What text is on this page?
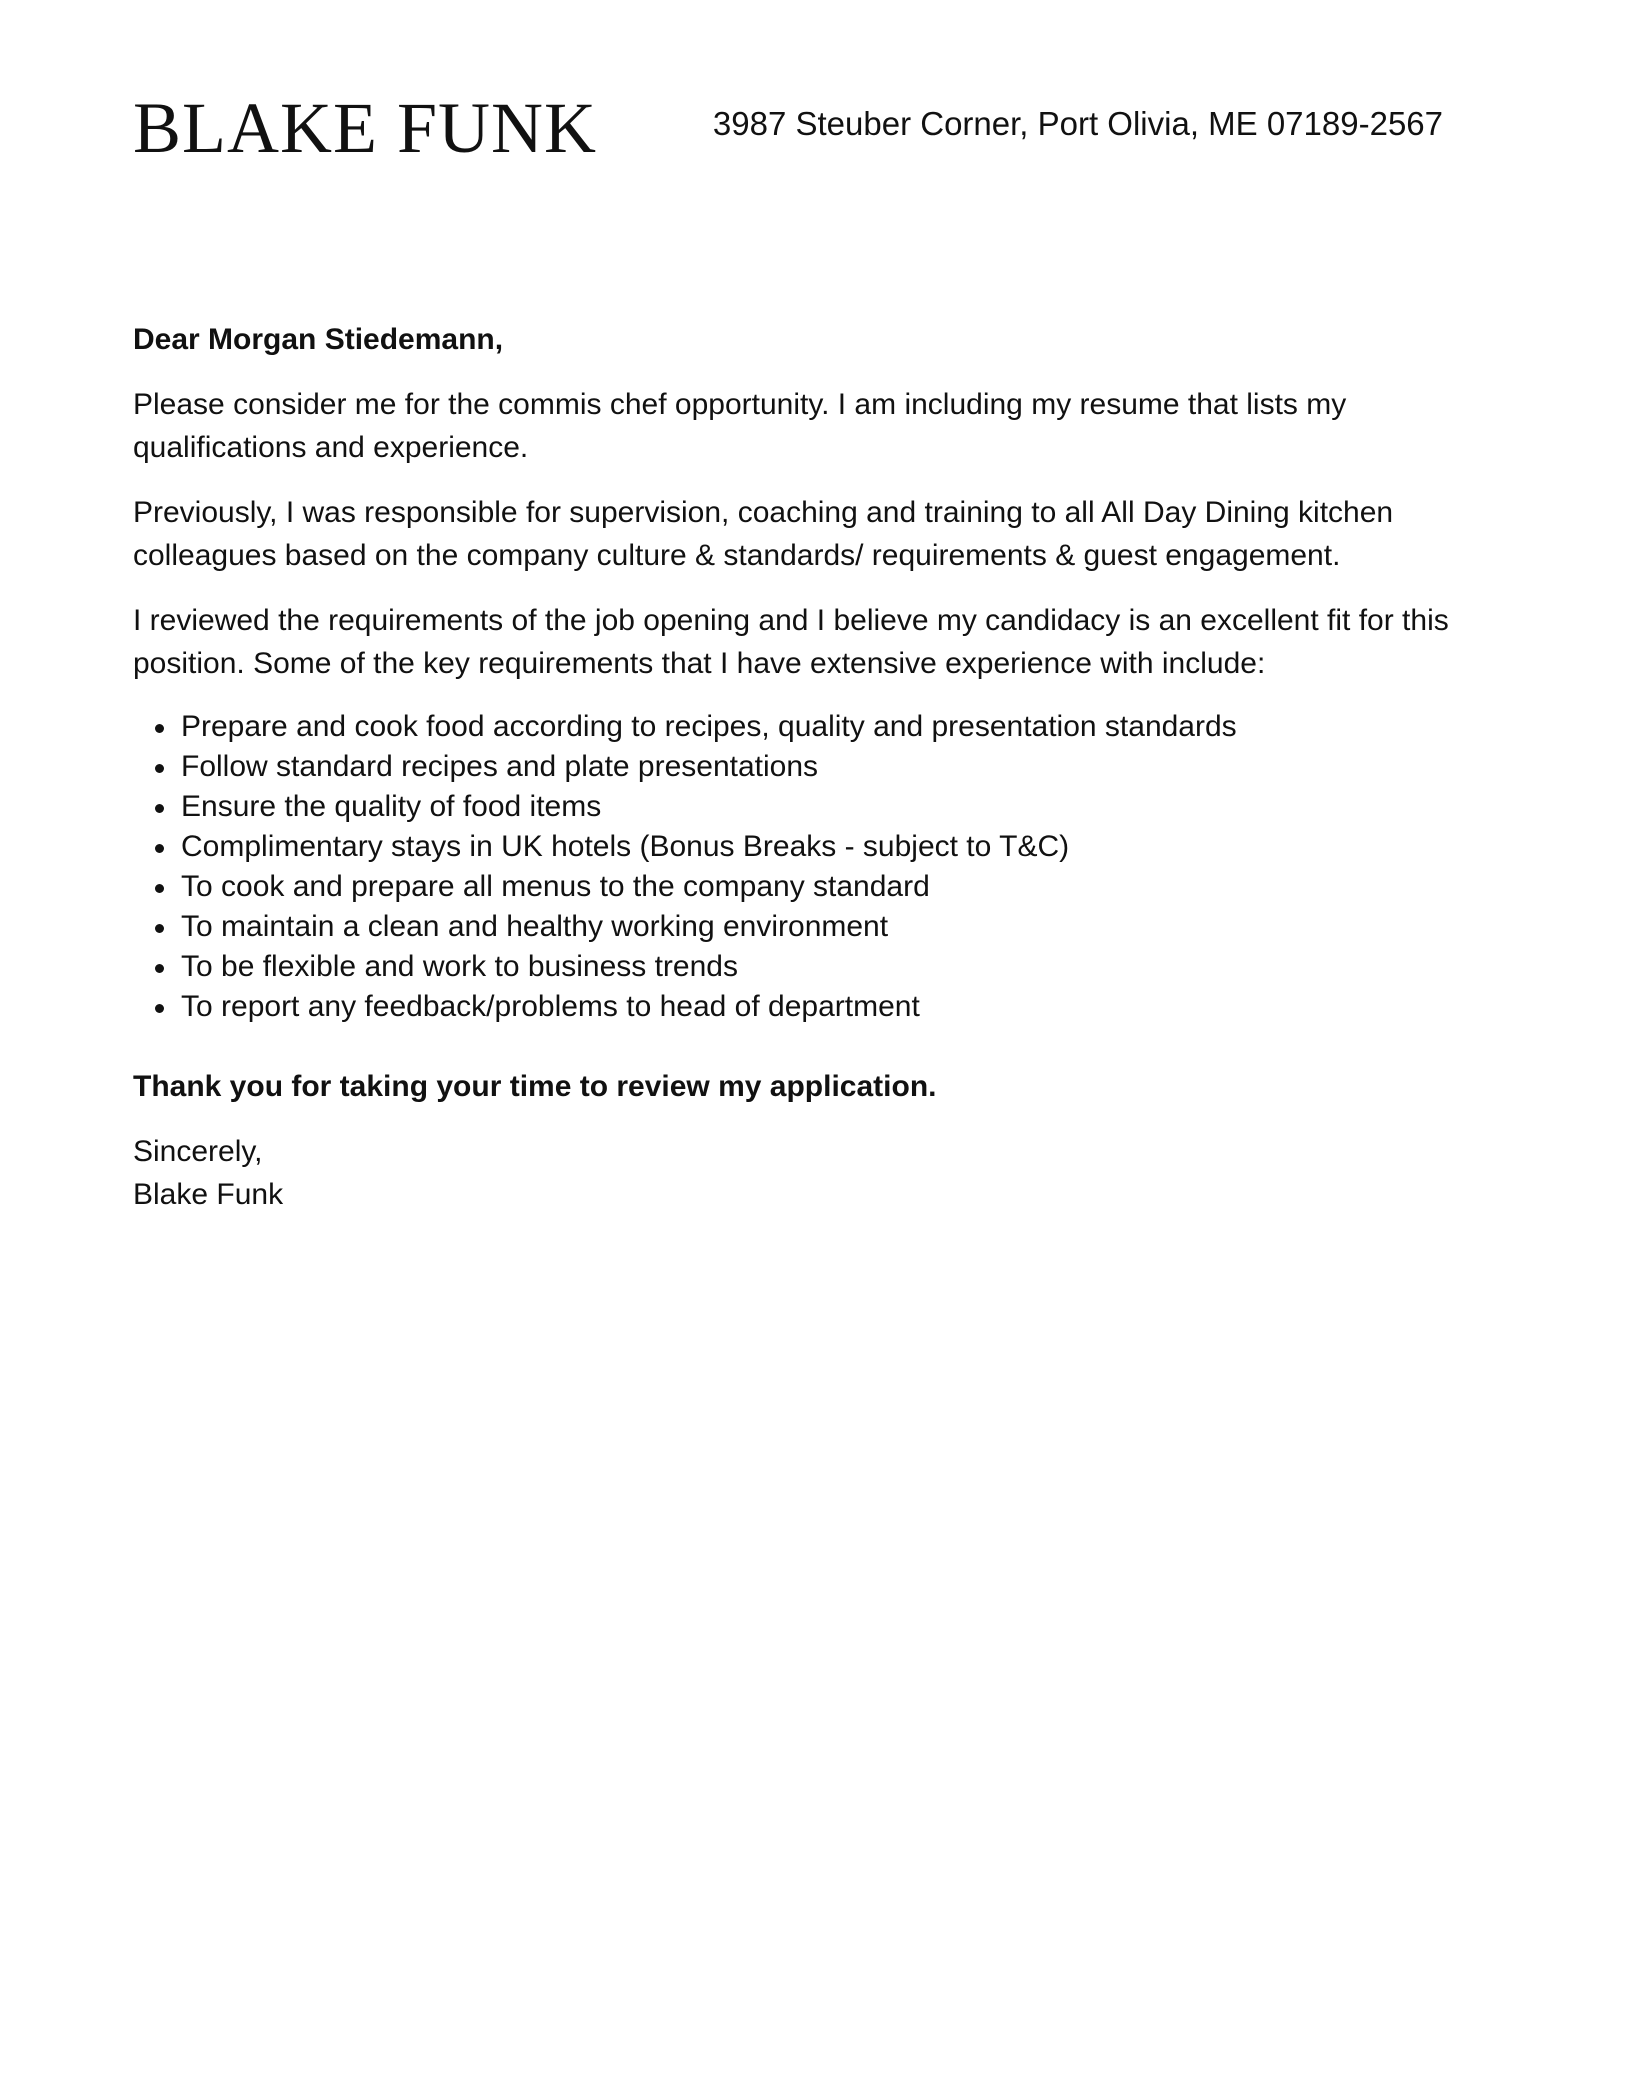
BLAKE FUNK	3987 Steuber Corner, Port Olivia, ME 07189-2567

Dear Morgan Stiedemann,

Please consider me for the commis chef opportunity. I am including my resume that lists my qualifications and experience.

Previously, I was responsible for supervision, coaching and training to all All Day Dining kitchen colleagues based on the company culture & standards/ requirements & guest engagement.

I reviewed the requirements of the job opening and I believe my candidacy is an excellent fit for this position. Some of the key requirements that I have extensive experience with include:

Prepare and cook food according to recipes, quality and presentation standards
Follow standard recipes and plate presentations
Ensure the quality of food items
Complimentary stays in UK hotels (Bonus Breaks - subject to T&C)
To cook and prepare all menus to the company standard
To maintain a clean and healthy working environment
To be flexible and work to business trends
To report any feedback/problems to head of department

Thank you for taking your time to review my application.

Sincerely,

Blake Funk
